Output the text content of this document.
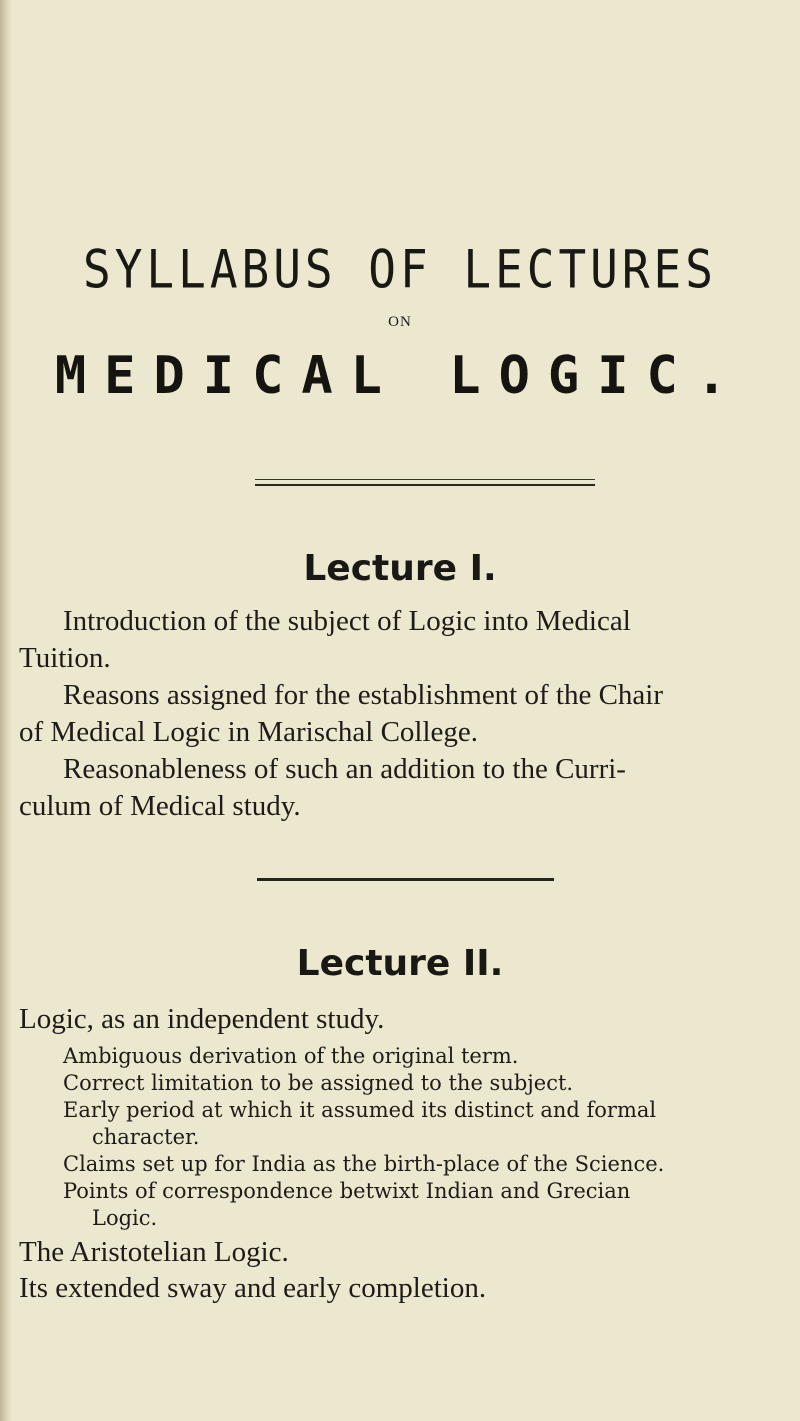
SYLLABUS OF LECTURES
ON
MEDICAL LOGIC.
Lecture I.
Introduction of the subject of Logic into Medical
Tuition.
Reasons assigned for the establishment of the Chair
of Medical Logic in Marischal College.
Reasonableness of such an addition to the Curri-
culum of Medical study.
Lecture II.
Logic, as an independent study.
Ambiguous derivation of the original term.
Correct limitation to be assigned to the subject.
Early period at which it assumed its distinct and formal
character.
Claims set up for India as the birth-place of the Science.
Points of correspondence betwixt Indian and Grecian
Logic.
The Aristotelian Logic.
Its extended sway and early completion.
